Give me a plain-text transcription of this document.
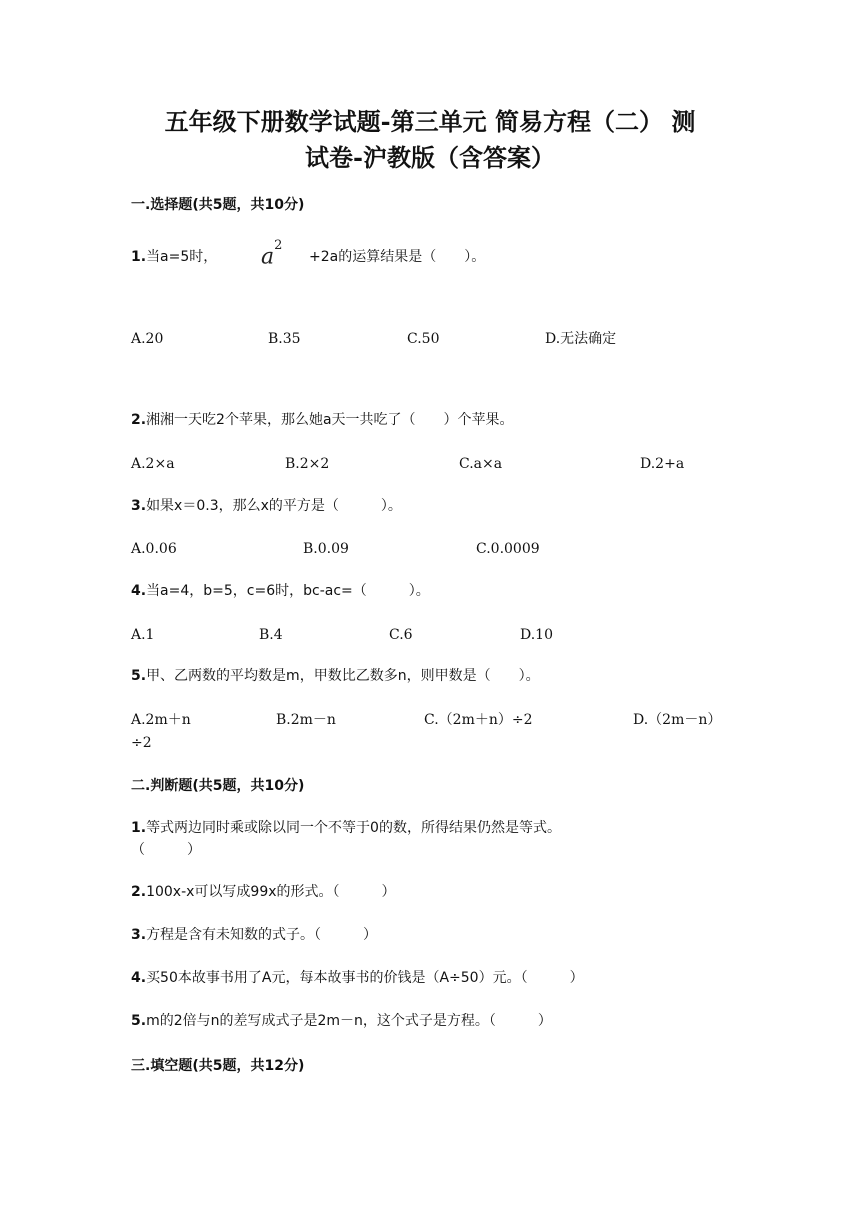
五年级下册数学试题-第三单元 简易方程（二） 测
试卷-沪教版（含答案）
一.选择题(共5题，共10分)
1.当a=5时， $a^2$
+2a的运算结果是（　　）。
A.20	B.35	C.50	D.无法确定
2.湘湘一天吃2个苹果，那么她a天一共吃了（　　）个苹果。
A.2×a	B.2×2	C.a×a	D.2+a
3.如果x＝0.3，那么x的平方是（　　　）。
A.0.06	B.0.09	C.0.0009
4.当a=4，b=5，c=6时，bc-ac=（　　　）。
A.1	B.4	C.6	D.10
5.甲、乙两数的平均数是m，甲数比乙数多n，则甲数是（　　）。
A.2m＋n	B.2m－n	C.（2m＋n）÷2	D.（2m－n）
÷2
二.判断题(共5题，共10分)
1.等式两边同时乘或除以同一个不等于0的数，所得结果仍然是等式。
（　　　）
2.100x-x可以写成99x的形式。（　　　）
3.方程是含有未知数的式子。（　　　）
4.买50本故事书用了A元，每本故事书的价钱是（A÷50）元。（　　　）
5.m的2倍与n的差写成式子是2m－n，这个式子是方程。（　　　）
三.填空题(共5题，共12分)
